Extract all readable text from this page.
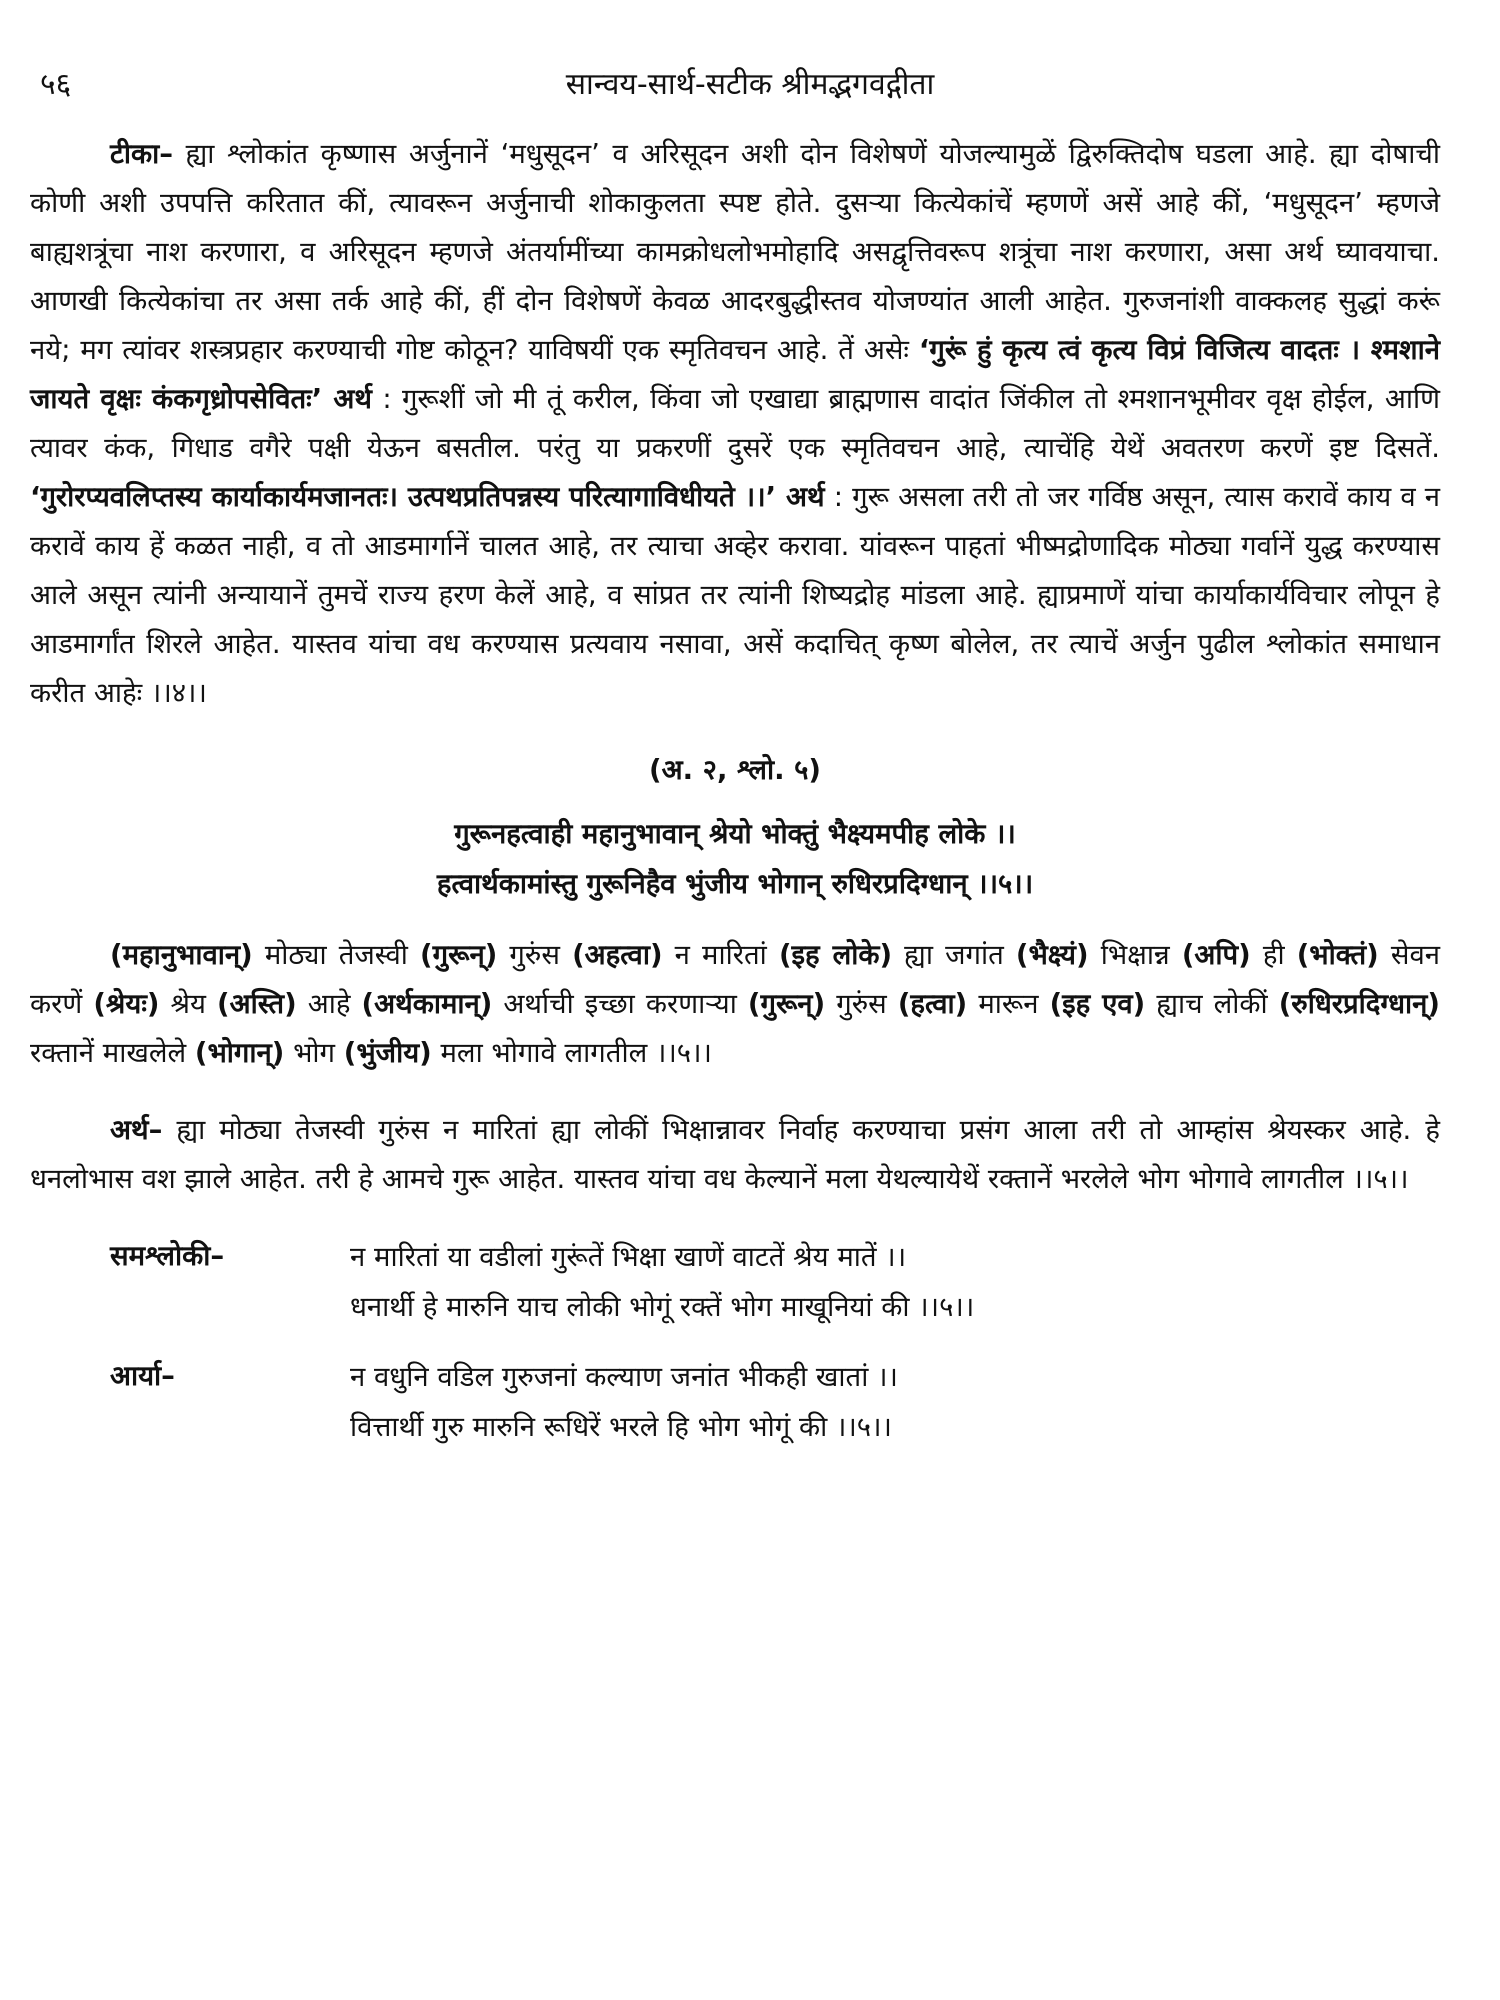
५६	सान्वय-सार्थ-सटीक श्रीमद्भगवद्गीता

टीका– ह्या श्लोकांत कृष्णास अर्जुनानें ‘मधुसूदन’ व अरिसूदन अशी दोन विशेषणें योजल्यामुळें द्विरुक्तिदोष घडला आहे. ह्या दोषाची कोणी अशी उपपत्ति करितात कीं, त्यावरून अर्जुनाची शोकाकुलता स्पष्ट होते. दुसऱ्या कित्येकांचें म्हणणें असें आहे कीं, ‘मधुसूदन’ म्हणजे बाह्यशत्रूंचा नाश करणारा, व अरिसूदन म्हणजे अंतर्यामींच्या कामक्रोधलोभमोहादि असद्वृत्तिवरूप शत्रूंचा नाश करणारा, असा अर्थ घ्यावयाचा. आणखी कित्येकांचा तर असा तर्क आहे कीं, हीं दोन विशेषणें केवळ आदरबुद्धीस्तव योजण्यांत आली आहेत. गुरुजनांशी वाक्कलह सुद्धां करूं नये; मग त्यांवर शस्त्रप्रहार करण्याची गोष्ट कोठून? याविषयीं एक स्मृतिवचन आहे. तें असेः ‘गुरूं हुं कृत्य त्वं कृत्य विप्रं विजित्य वादतः । श्मशाने जायते वृक्षः कंकगृध्रोपसेवितः’ अर्थ : गुरूशीं जो मी तूं करील, किंवा जो एखाद्या ब्राह्मणास वादांत जिंकील तो श्मशानभूमीवर वृक्ष होईल, आणि त्यावर कंक, गिधाड वगैरे पक्षी येऊन बसतील. परंतु या प्रकरणीं दुसरें एक स्मृतिवचन आहे, त्याचेंहि येथें अवतरण करणें इष्ट दिसतें. ‘गुरोरप्यवलिप्तस्य कार्याकार्यमजानतः। उत्पथप्रतिपन्नस्य परित्यागाविधीयते ।।’ अर्थ : गुरू असला तरी तो जर गर्विष्ठ असून, त्यास करावें काय व न करावें काय हें कळत नाही, व तो आडमार्गानें चालत आहे, तर त्याचा अव्हेर करावा. यांवरून पाहतां भीष्मद्रोणादिक मोठ्या गर्वानें युद्ध करण्यास आले असून त्यांनी अन्यायानें तुमचें राज्य हरण केलें आहे, व सांप्रत तर त्यांनी शिष्यद्रोह मांडला आहे. ह्याप्रमाणें यांचा कार्याकार्यविचार लोपून हे आडमार्गांत शिरले आहेत. यास्तव यांचा वध करण्यास प्रत्यवाय नसावा, असें कदाचित् कृष्ण बोलेल, तर त्याचें अर्जुन पुढील श्लोकांत समाधान करीत आहेः ।।४।।

(अ. २, श्लो. ५)
गुरूनहत्वाही महानुभावान् श्रेयो भोक्तुं भैक्ष्यमपीह लोके ।।
हत्वार्थकामांस्तु गुरूनिहैव भुंजीय भोगान् रुधिरप्रदिग्धान् ।।५।।

(महानुभावान्) मोठ्या तेजस्वी (गुरून्) गुरुंस (अहत्वा) न मारितां (इह लोके) ह्या जगांत (भैक्ष्यं) भिक्षान्न (अपि) ही (भोक्तं) सेवन करणें (श्रेयः) श्रेय (अस्ति) आहे (अर्थकामान्) अर्थाची इच्छा करणाऱ्या (गुरून्) गुरुंस (हत्वा) मारून (इह एव) ह्याच लोकीं (रुधिरप्रदिग्धान्) रक्तानें माखलेले (भोगान्) भोग (भुंजीय) मला भोगावे लागतील ।।५।।

अर्थ– ह्या मोठ्या तेजस्वी गुरुंस न मारितां ह्या लोकीं भिक्षान्नावर निर्वाह करण्याचा प्रसंग आला तरी तो आम्हांस श्रेयस्कर आहे. हे धनलोभास वश झाले आहेत. तरी हे आमचे गुरू आहेत. यास्तव यांचा वध केल्यानें मला येथल्यायेथें रक्तानें भरलेले भोग भोगावे लागतील ।।५।।

समश्लोकी–	न मारितां या वडीलां गुरूंतें भिक्षा खाणें वाटतें श्रेय मातें ।।
धनार्थी हे मारुनि याच लोकी भोगूं रक्तें भोग माखूनियां की ।।५।।
आर्या–	न वधुनि वडिल गुरुजनां कल्याण जनांत भीकही खातां ।।
वित्तार्थी गुरु मारुनि रूधिरें भरले हि भोग भोगूं की ।।५।।
